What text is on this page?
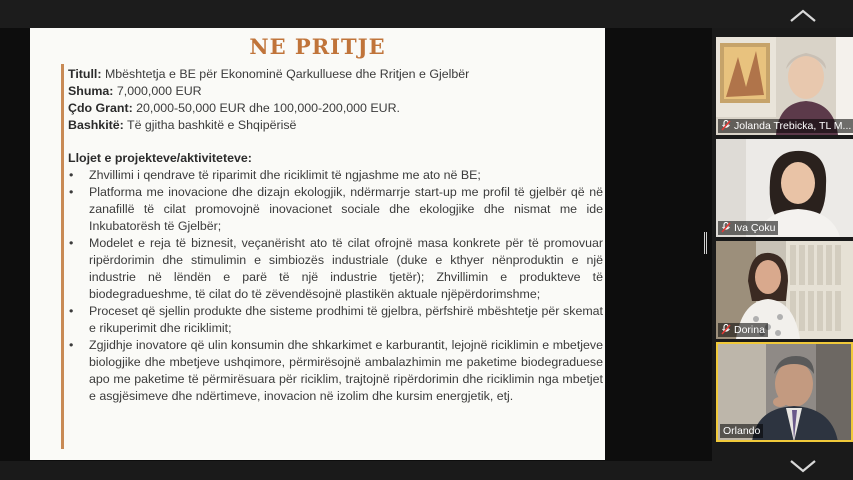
NE PRITJE
Titull: Mbështetja e BE për Ekonominë Qarkulluese dhe Rritjen e Gjelbër
Shuma: 7,000,000 EUR
Çdo Grant: 20,000-50,000 EUR dhe 100,000-200,000 EUR.
Bashkitë: Të gjitha bashkitë e Shqipërisë
Llojet e projekteve/aktiviteteve:
• Zhvillimi i qendrave të riparimit dhe riciklimit të ngjashme me ato në BE;
• Platforma me inovacione dhe dizajn ekologjik, ndërmarrje start-up me profil të gjelbër që në zanafillë të cilat promovojnë inovacionet sociale dhe ekologjike dhe nismat me ide Inkubatorësh të Gjelbër;
• Modelet e reja të biznesit, veçanërisht ato të cilat ofrojnë masa konkrete për të promovuar ripërdorimin dhe stimulimin e simbiozës industriale (duke e kthyer nënproduktin e një industrie në lëndën e parë të një industrie tjetër); Zhvillimin e produkteve të biodegradueshme, të cilat do të zëvendësojnë plastikën aktuale njëpërdorimshme;
• Proceset që sjellin produkte dhe sisteme prodhimi të gjelbra, përfshirë mbështetje për skemat e rikuperimit dhe riciklimit;
• Zgjidhje inovatore që ulin konsumin dhe shkarkimet e karburantit, lejojnë riciklimin e mbetjeve biologjike dhe mbetjeve ushqimore, përmirësojnë ambalazhimin me paketime biodegraduese apo me paketime të përmirësuara për riciklim, trajtojnë ripërdorimin dhe riciklimin nga mbetjet e asgjësimeve dhe ndërtimeve, inovacion në izolim dhe kursim energjetik, etj.
Jolanda Trebicka, TL M...
Iva Çoku
Dorina
Orlando
